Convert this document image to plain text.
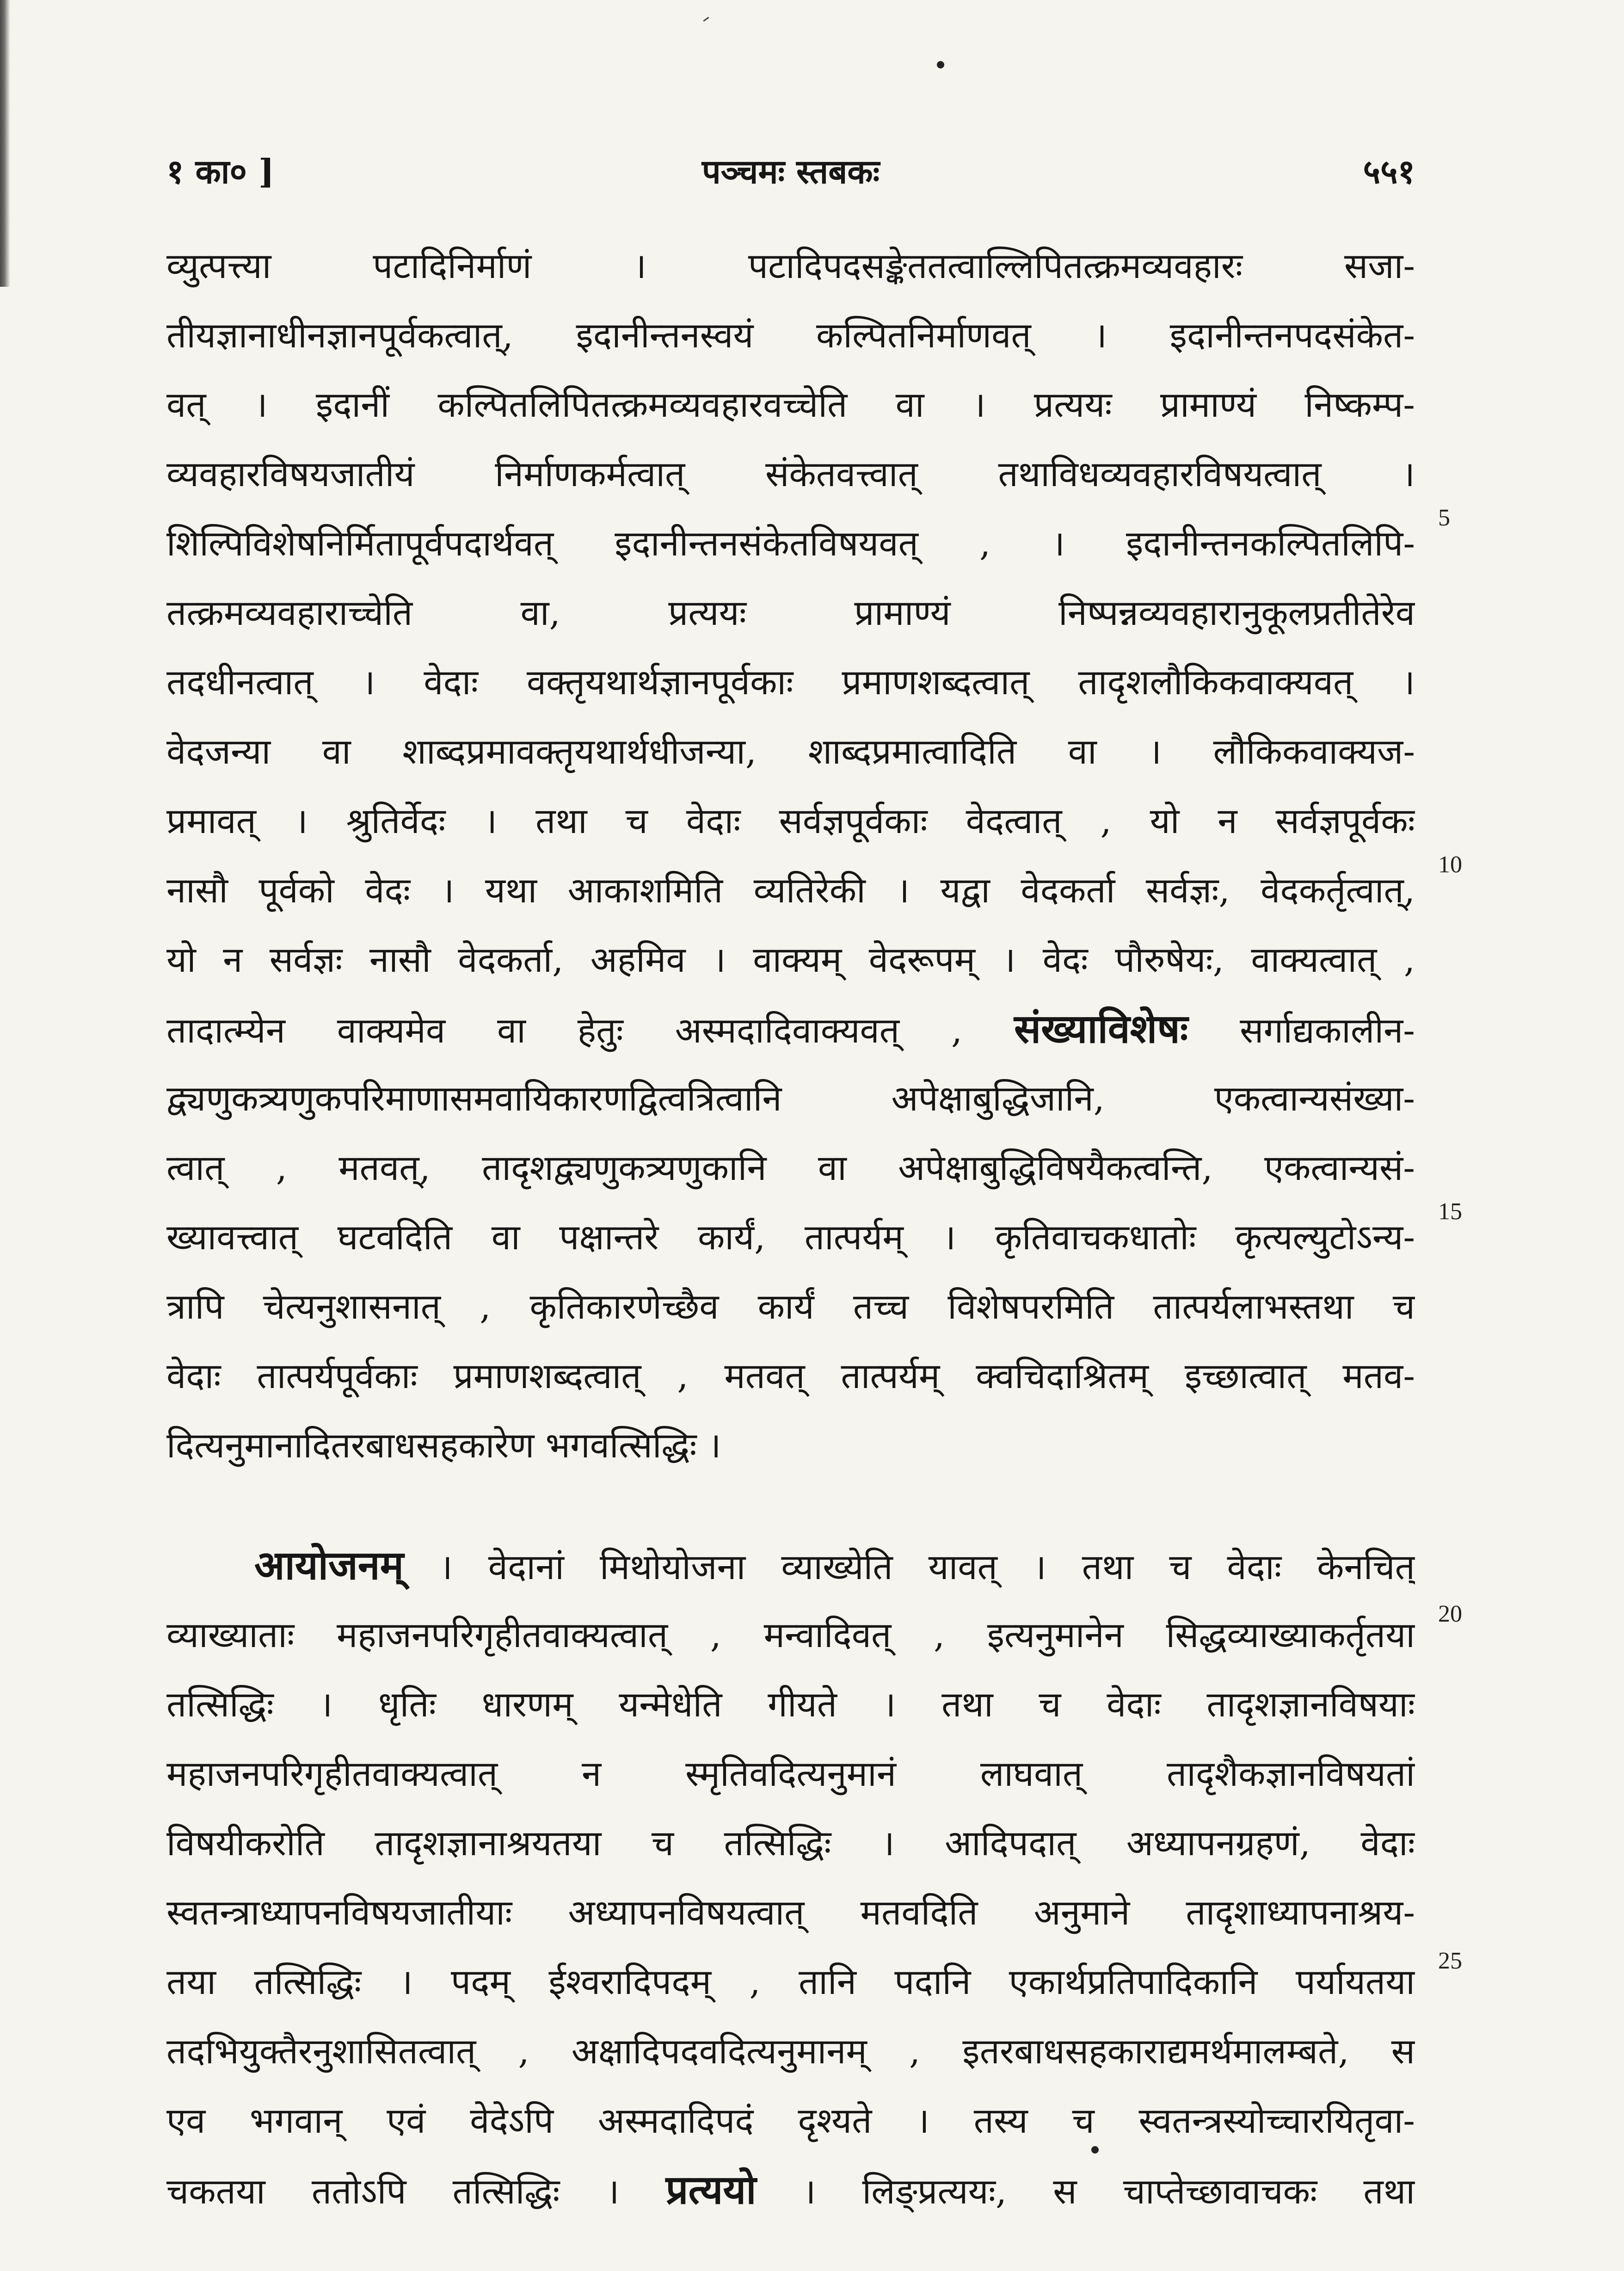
१ का० ]	पञ्चमः स्तबकः	५५१
व्युत्पत्त्या पटादिनिर्माणं । पटादिपदसङ्केततत्वाल्लिपितत्क्रमव्यवहारः सजा-
तीयज्ञानाधीनज्ञानपूर्वकत्वात्, इदानीन्तनस्वयं कल्पितनिर्माणवत् । इदानीन्तनपदसंकेत-
वत् । इदानीं कल्पितलिपितत्क्रमव्यवहारवच्चेति वा । प्रत्ययः प्रामाण्यं निष्कम्प-
व्यवहारविषयजातीयं निर्माणकर्मत्वात् संकेतवत्त्वात् तथाविधव्यवहारविषयत्वात् ।
शिल्पिविशेषनिर्मितापूर्वपदार्थवत् इदानीन्तनसंकेतविषयवत् , । इदानीन्तनकल्पितलिपि-
तत्क्रमव्यवहाराच्चेति वा, प्रत्ययः प्रामाण्यं निष्पन्नव्यवहारानुकूलप्रतीतेरेव
तदधीनत्वात् । वेदाः वक्तृयथार्थज्ञानपूर्वकाः प्रमाणशब्दत्वात् तादृशलौकिकवाक्यवत् ।
वेदजन्या वा शाब्दप्रमावक्तृयथार्थधीजन्या, शाब्दप्रमात्वादिति वा । लौकिकवाक्यज-
प्रमावत् । श्रुतिर्वेदः । तथा च वेदाः सर्वज्ञपूर्वकाः वेदत्वात् , यो न सर्वज्ञपूर्वकः
नासौ पूर्वको वेदः । यथा आकाशमिति व्यतिरेकी । यद्वा वेदकर्ता सर्वज्ञः, वेदकर्तृत्वात्,
यो न सर्वज्ञः नासौ वेदकर्ता, अहमिव । वाक्यम् वेदरूपम् । वेदः पौरुषेयः, वाक्यत्वात् ,
तादात्म्येन वाक्यमेव वा हेतुः अस्मदादिवाक्यवत् , संख्याविशेषः सर्गाद्यकालीन-
द्व्यणुकत्र्यणुकपरिमाणासमवायिकारणद्वित्वत्रित्वानि अपेक्षाबुद्धिजानि, एकत्वान्यसंख्या-
त्वात् , मतवत्, तादृशद्व्यणुकत्र्यणुकानि वा अपेक्षाबुद्धिविषयैकत्वन्ति, एकत्वान्यसं-
ख्यावत्त्वात् घटवदिति वा पक्षान्तरे कार्यं, तात्पर्यम् । कृतिवाचकधातोः कृत्यल्युटोऽन्य-
त्रापि चेत्यनुशासनात् , कृतिकारणेच्छैव कार्यं तच्च विशेषपरमिति तात्पर्यलाभस्तथा च
वेदाः तात्पर्यपूर्वकाः प्रमाणशब्दत्वात् , मतवत् तात्पर्यम् क्वचिदाश्रितम् इच्छात्वात् मतव-
दित्यनुमानादितरबाधसहकारेण भगवत्सिद्धिः ।
आयोजनम् । वेदानां मिथोयोजना व्याख्येति यावत् । तथा च वेदाः केनचित्
व्याख्याताः महाजनपरिगृहीतवाक्यत्वात् , मन्वादिवत् , इत्यनुमानेन सिद्धव्याख्याकर्तृतया
तत्सिद्धिः । धृतिः धारणम् यन्मेधेति गीयते । तथा च वेदाः तादृशज्ञानविषयाः
महाजनपरिगृहीतवाक्यत्वात् न स्मृतिवदित्यनुमानं लाघवात् तादृशैकज्ञानविषयतां
विषयीकरोति तादृशज्ञानाश्रयतया च तत्सिद्धिः । आदिपदात् अध्यापनग्रहणं, वेदाः
स्वतन्त्राध्यापनविषयजातीयाः अध्यापनविषयत्वात् मतवदिति अनुमाने तादृशाध्यापनाश्रय-
तया तत्सिद्धिः । पदम् ईश्वरादिपदम् , तानि पदानि एकार्थप्रतिपादिकानि पर्यायतया
तदभियुक्तैरनुशासितत्वात् , अक्षादिपदवदित्यनुमानम् , इतरबाधसहकाराद्यमर्थमालम्बते, स
एव भगवान् एवं वेदेऽपि अस्मदादिपदं दृश्यते । तस्य च स्वतन्त्रस्योच्चारयितृवा-
चकतया ततोऽपि तत्सिद्धिः । प्रत्ययो । लिङ्प्रत्ययः, स चाप्तेच्छावाचकः तथा
5
10
15
20
25
